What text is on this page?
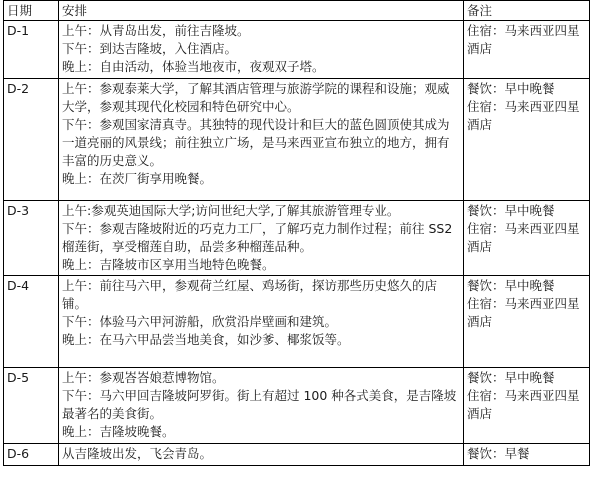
日期	安排	备注
D-1	上午：从青岛出发，前往吉隆坡。
下午：到达吉隆坡，入住酒店。
晚上：自由活动，体验当地夜市，夜观双子塔。	住宿：马来西亚四星酒店

D-2	上午：参观泰莱大学，了解其酒店管理与旅游学院的课程和设施；观威大学，参观其现代化校园和特色研究中心。
下午：参观国家清真寺。其独特的现代设计和巨大的蓝色圆顶使其成为一道亮丽的风景线；前往独立广场，是马来西亚宣布独立的地方，拥有丰富的历史意义。
晚上：在茨厂街享用晚餐。	餐饮：早中晚餐
住宿：马来西亚四星酒店

D-3	上午:参观英迪国际大学;访问世纪大学,了解其旅游管理专业。
下午：参观吉隆坡附近的巧克力工厂，了解巧克力制作过程；前往 SS2 榴莲街，享受榴莲自助，品尝多种榴莲品种。
晚上：吉隆坡市区享用当地特色晚餐。	餐饮：早中晚餐
住宿：马来西亚四星酒店

D-4	上午：前往马六甲，参观荷兰红屋、鸡场街，探访那些历史悠久的店铺。
下午：体验马六甲河游船，欣赏沿岸壁画和建筑。
晚上：在马六甲品尝当地美食，如沙爹、椰浆饭等。	餐饮：早中晚餐
住宿：马来西亚四星酒店

D-5	上午：参观峇峇娘惹博物馆。
下午：马六甲回吉隆坡阿罗街。街上有超过 100 种各式美食，是吉隆坡最著名的美食街。
晚上：吉隆坡晚餐。	餐饮：早中晚餐
住宿：马来西亚四星酒店

D-6	从吉隆坡出发，飞会青岛。	餐饮：早餐
